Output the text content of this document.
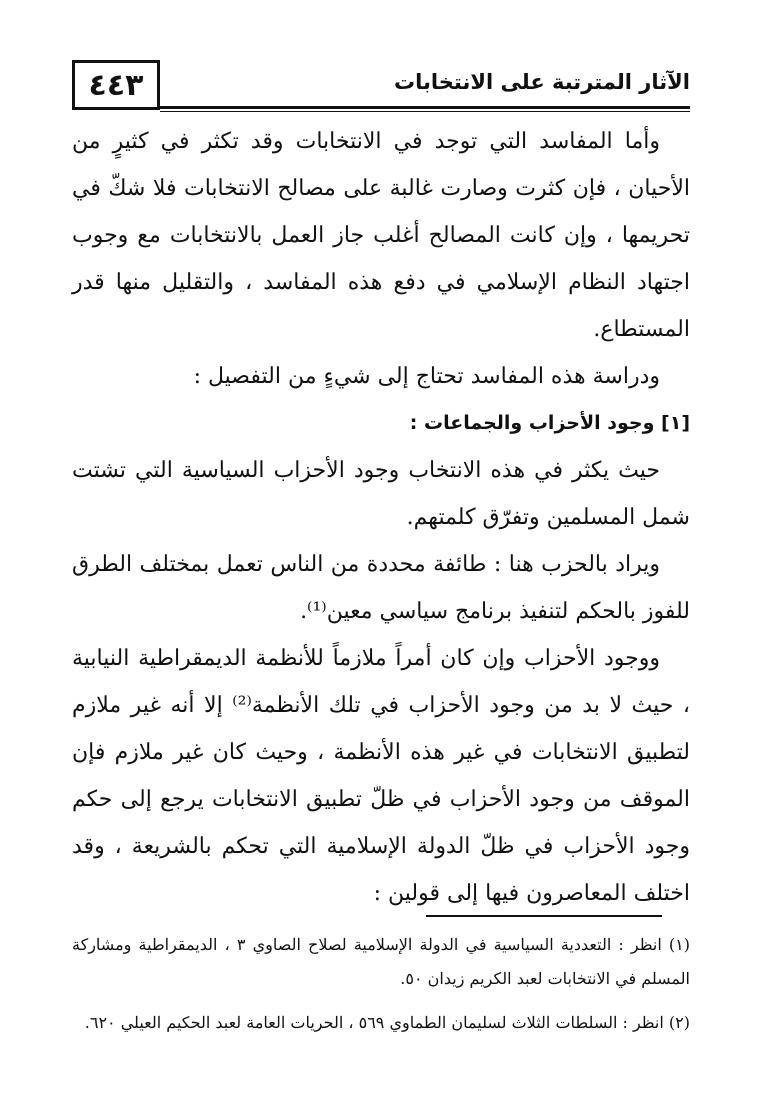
٤٤٣	الآثار المترتبة على الانتخابات

وأما المفاسد التي توجد في الانتخابات وقد تكثر في كثيرٍ من الأحيان ، فإن كثرت وصارت غالبة على مصالح الانتخابات فلا شكّ في تحريمها ، وإن كانت المصالح أغلب جاز العمل بالانتخابات مع وجوب اجتهاد النظام الإسلامي في دفع هذه المفاسد ، والتقليل منها قدر المستطاع.

ودراسة هذه المفاسد تحتاج إلى شيءٍ من التفصيل :

[١] وجود الأحزاب والجماعات :

حيث يكثر في هذه الانتخاب وجود الأحزاب السياسية التي تشتت شمل المسلمين وتفرّق كلمتهم.

ويراد بالحزب هنا : طائفة محددة من الناس تعمل بمختلف الطرق للفوز بالحكم لتنفيذ برنامج سياسي معين⁽¹⁾.

ووجود الأحزاب وإن كان أمراً ملازماً للأنظمة الديمقراطية النيابية ، حيث لا بد من وجود الأحزاب في تلك الأنظمة⁽²⁾ إلا أنه غير ملازم لتطبيق الانتخابات في غير هذه الأنظمة ، وحيث كان غير ملازم فإن الموقف من وجود الأحزاب في ظلّ تطبيق الانتخابات يرجع إلى حكم وجود الأحزاب في ظلّ الدولة الإسلامية التي تحكم بالشريعة ، وقد اختلف المعاصرون فيها إلى قولين :

(١) انظر : التعددية السياسية في الدولة الإسلامية لصلاح الصاوي ٣ ، الديمقراطية ومشاركة المسلم في الانتخابات لعبد الكريم زيدان ٥٠.

(٢) انظر : السلطات الثلاث لسليمان الطماوي ٥٦٩ ، الحريات العامة لعبد الحكيم العيلي ٦٢٠.
